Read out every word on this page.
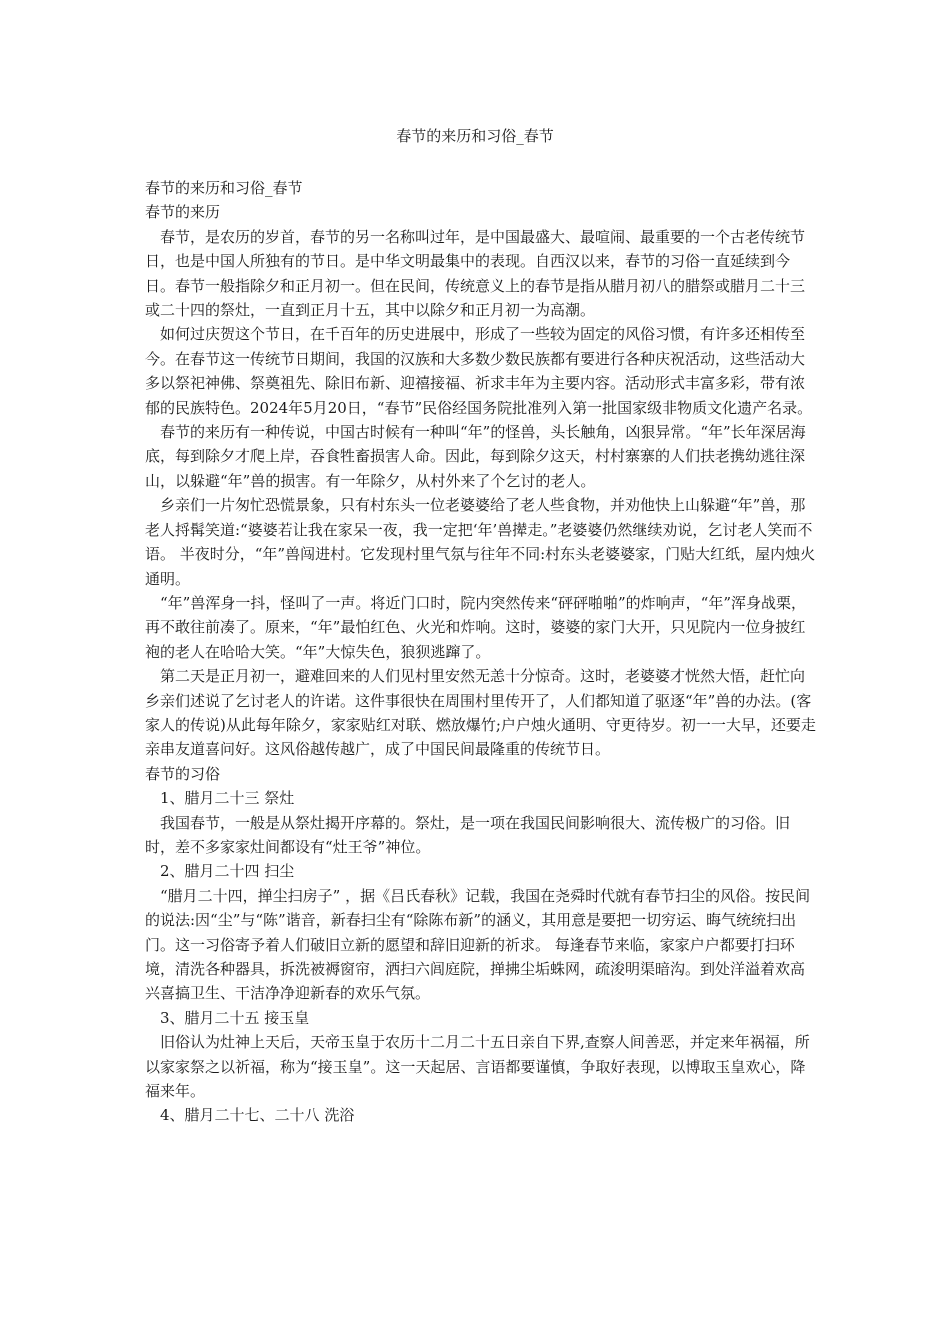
春节的来历和习俗_春节

春节的来历和习俗_春节

春节的来历

春节，是农历的岁首，春节的另一名称叫过年，是中国最盛大、最喧闹、最重要的一个古老传统节日，也是中国人所独有的节日。是中华文明最集中的表现。自西汉以来，春节的习俗一直延续到今日。春节一般指除夕和正月初一。但在民间，传统意义上的春节是指从腊月初八的腊祭或腊月二十三或二十四的祭灶，一直到正月十五，其中以除夕和正月初一为高潮。

如何过庆贺这个节日，在千百年的历史进展中，形成了一些较为固定的风俗习惯，有许多还相传至今。在春节这一传统节日期间，我国的汉族和大多数少数民族都有要进行各种庆祝活动，这些活动大多以祭祀神佛、祭奠祖先、除旧布新、迎禧接福、祈求丰年为主要内容。活动形式丰富多彩，带有浓郁的民族特色。2024年5月20日，“春节”民俗经国务院批准列入第一批国家级非物质文化遗产名录。

春节的来历有一种传说，中国古时候有一种叫“年”的怪兽，头长触角，凶狠异常。“年”长年深居海底，每到除夕才爬上岸，吞食牲畜损害人命。因此，每到除夕这天，村村寨寨的人们扶老携幼逃往深山，以躲避“年”兽的损害。有一年除夕，从村外来了个乞讨的老人。

乡亲们一片匆忙恐慌景象，只有村东头一位老婆婆给了老人些食物，并劝他快上山躲避“年”兽，那老人捋髯笑道:“婆婆若让我在家呆一夜，我一定把‘年’兽撵走。”老婆婆仍然继续劝说，乞讨老人笑而不语。 半夜时分，“年”兽闯进村。它发现村里气氛与往年不同:村东头老婆婆家，门贴大红纸，屋内烛火通明。

“年”兽浑身一抖，怪叫了一声。将近门口时，院内突然传来“砰砰啪啪”的炸响声，“年”浑身战栗，再不敢往前凑了。原来，“年”最怕红色、火光和炸响。这时，婆婆的家门大开，只见院内一位身披红袍的老人在哈哈大笑。“年”大惊失色，狼狈逃蹿了。

第二天是正月初一，避难回来的人们见村里安然无恙十分惊奇。这时，老婆婆才恍然大悟，赶忙向乡亲们述说了乞讨老人的许诺。这件事很快在周围村里传开了，人们都知道了驱逐“年”兽的办法。(客家人的传说)从此每年除夕，家家贴红对联、燃放爆竹;户户烛火通明、守更待岁。初一一大早，还要走亲串友道喜问好。这风俗越传越广，成了中国民间最隆重的传统节日。

春节的习俗

1、腊月二十三 祭灶

我国春节，一般是从祭灶揭开序幕的。祭灶，是一项在我国民间影响很大、流传极广的习俗。旧时，差不多家家灶间都设有“灶王爷”神位。

2、腊月二十四 扫尘

“腊月二十四，掸尘扫房子” ，据《吕氏春秋》记载，我国在尧舜时代就有春节扫尘的风俗。按民间的说法:因“尘”与“陈”谐音，新春扫尘有“除陈布新”的涵义，其用意是要把一切穷运、晦气统统扫出门。这一习俗寄予着人们破旧立新的愿望和辞旧迎新的祈求。 每逢春节来临，家家户户都要打扫环境，清洗各种器具，拆洗被褥窗帘，洒扫六闾庭院，掸拂尘垢蛛网，疏浚明渠暗沟。到处洋溢着欢高兴喜搞卫生、干洁净净迎新春的欢乐气氛。

3、腊月二十五 接玉皇

旧俗认为灶神上天后，天帝玉皇于农历十二月二十五日亲自下界,查察人间善恶，并定来年祸福，所以家家祭之以祈福，称为“接玉皇”。这一天起居、言语都要谨慎，争取好表现，以博取玉皇欢心，降福来年。

4、腊月二十七、二十八 洗浴
